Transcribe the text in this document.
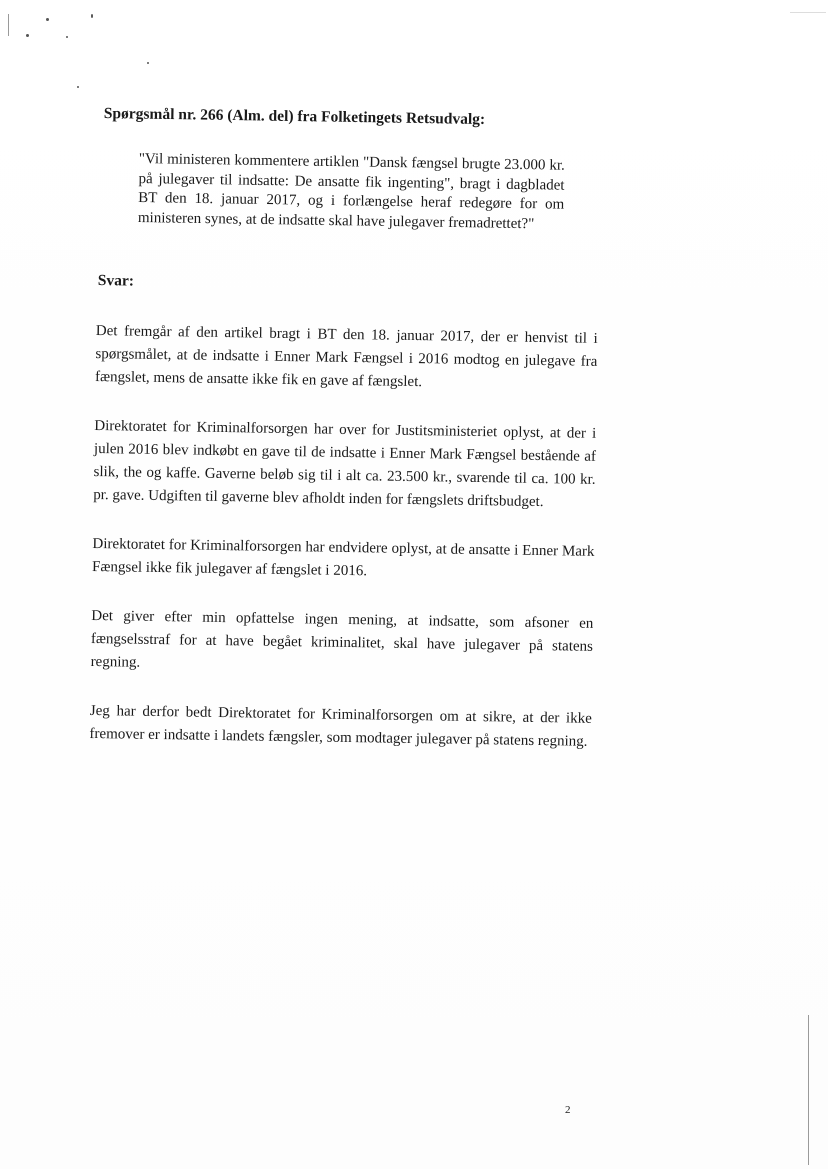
Spørgsmål nr. 266 (Alm. del) fra Folketingets Retsudvalg:
"Vil ministeren kommentere artiklen "Dansk fængsel brugte 23.000 kr. på julegaver til indsatte: De ansatte fik ingenting", bragt i dagbladet BT den 18. januar 2017, og i forlængelse heraf redegøre for om ministeren synes, at de indsatte skal have julegaver fremadrettet?"
Svar:

Det fremgår af den artikel bragt i BT den 18. januar 2017, der er henvist til i spørgsmålet, at de indsatte i Enner Mark Fængsel i 2016 modtog en julegave fra fængslet, mens de ansatte ikke fik en gave af fængslet.

Direktoratet for Kriminalforsorgen har over for Justitsministeriet oplyst, at der i julen 2016 blev indkøbt en gave til de indsatte i Enner Mark Fængsel bestående af slik, the og kaffe. Gaverne beløb sig til i alt ca. 23.500 kr., svarende til ca. 100 kr. pr. gave. Udgiften til gaverne blev afholdt inden for fængslets driftsbudget.

Direktoratet for Kriminalforsorgen har endvidere oplyst, at de ansatte i Enner Mark Fængsel ikke fik julegaver af fængslet i 2016.

Det giver efter min opfattelse ingen mening, at indsatte, som afsoner en fængselsstraf for at have begået kriminalitet, skal have julegaver på statens regning.

Jeg har derfor bedt Direktoratet for Kriminalforsorgen om at sikre, at der ikke fremover er indsatte i landets fængsler, som modtager julegaver på statens regning.

2
